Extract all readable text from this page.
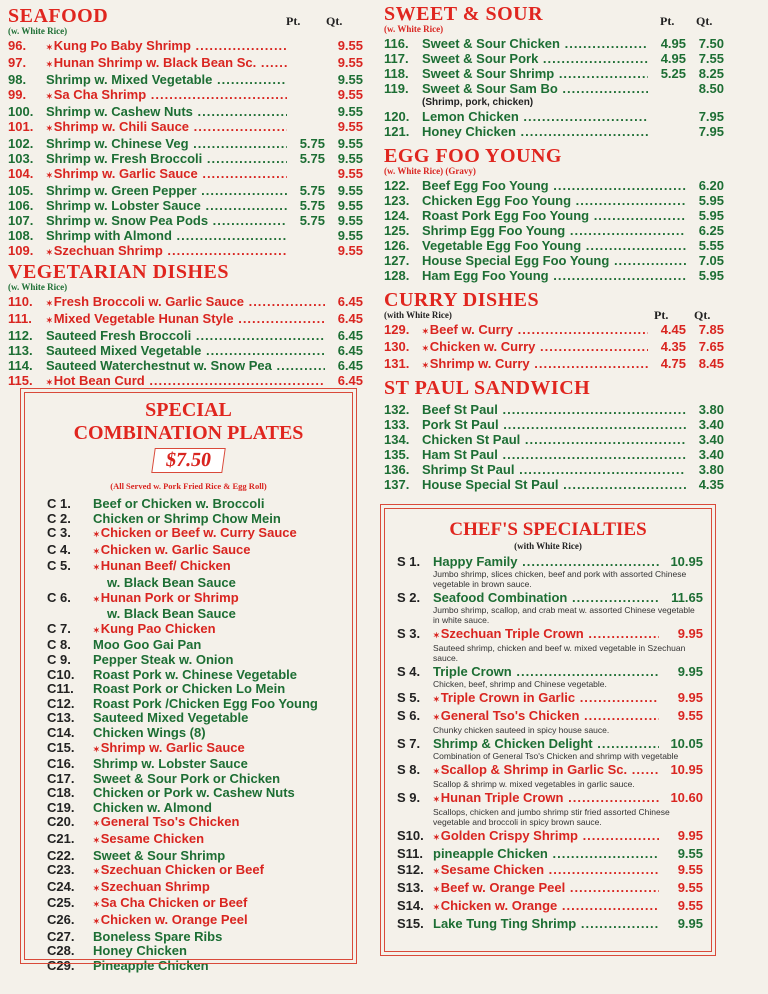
SEAFOOD
(w. White Rice)
Pt. Qt.
96.	✶ Kung Po Baby Shrimp .....	9.55
97.	✶ Hunan Shrimp w. Black Bean Sc. .....	9.55
98.	Shrimp w. Mixed Vegetable .....	9.55
99.	✶ Sa Cha Shrimp .....	9.55
100. Shrimp w. Cashew Nuts .....	9.55
101.	✶ Shrimp w. Chili Sauce .....	9.55
102. Shrimp w. Chinese Veg .....	5.75 9.55
103. Shrimp w. Fresh Broccoli .....	5.75 9.55
104.	✶ Shrimp w. Garlic Sauce .....	9.55
105. Shrimp w. Green Pepper .....	5.75 9.55
106. Shrimp w. Lobster Sauce .....	5.75 9.55
107. Shrimp w. Snow Pea Pods .....	5.75 9.55
108. Shrimp with Almond .....	9.55
109.	✶ Szechuan Shrimp .....	9.55
VEGETARIAN DISHES
(w. White Rice)
110.	✶ Fresh Broccoli w. Garlic Sauce .....	6.45
111.	✶ Mixed Vegetable Hunan Style .....	6.45
112.	Sauteed Fresh Broccoli .....	6.45
113.	Sauteed Mixed Vegetable .....	6.45
114.	Sauteed Waterchestnut w. Snow Pea .....	6.45
115.	✶ Hot Bean Curd .....	6.45
SPECIAL
COMBINATION PLATES
$7.50
(All Served w. Pork Fried Rice & Egg Roll)
C 1.	Beef or Chicken w. Broccoli
C 2.	Chicken or Shrimp Chow Mein
C 3.	✶ Chicken or Beef w. Curry Sauce
C 4.	✶ Chicken w. Garlic Sauce
C 5.	✶ Hunan Beef/ Chicken
w. Black Bean Sauce
C 6.	✶ Hunan Pork or Shrimp
w. Black Bean Sauce
C 7.	✶ Kung Pao Chicken
C 8.	Moo Goo Gai Pan
C 9.	Pepper Steak w. Onion
C10.	Roast Pork w. Chinese Vegetable
C11.	Roast Pork or Chicken Lo Mein
C12.	Roast Pork /Chicken Egg Foo Young
C13.	Sauteed Mixed Vegetable
C14.	Chicken Wings (8)
C15.	✶ Shrimp w. Garlic Sauce
C16.	Shrimp w. Lobster Sauce
C17.	Sweet & Sour Pork or Chicken
C18.	Chicken or Pork w. Cashew Nuts
C19.	Chicken w. Almond
C20.	✶ General Tso's Chicken
C21.	✶ Sesame Chicken
C22.	Sweet & Sour Shrimp
C23.	✶ Szechuan Chicken or Beef
C24.	✶ Szechuan Shrimp
C25.	✶ Sa Cha Chicken or Beef
C26.	✶ Chicken w. Orange Peel
C27.	Boneless Spare Ribs
C28.	Honey Chicken
C29.	Pineapple Chicken
SWEET & SOUR
(w. White Rice)
Pt. Qt.
116.	Sweet & Sour Chicken .....	4.95 7.50
117.	Sweet & Sour Pork .....	4.95 7.55
118.	Sweet & Sour Shrimp .....	5.25 8.25
119.	Sweet & Sour Sam Bo .....	8.50
(Shrimp, pork, chicken)
120. Lemon Chicken .....	7.95
121. Honey Chicken .....	7.95
EGG FOO YOUNG
(w. White Rice) (Gravy)
122. Beef Egg Foo Young .....	6.20
123. Chicken Egg Foo Young .....	5.95
124. Roast Pork Egg Foo Young .....	5.95
125. Shrimp Egg Foo Young .....	6.25
126. Vegetable Egg Foo Young .....	5.55
127. House Special Egg Foo Young .....	7.05
128. Ham Egg Foo Young .....	5.95
CURRY DISHES
(with White Rice)	Pt. Qt.
129.	✶ Beef w. Curry .....	4.45 7.85
130.	✶ Chicken w. Curry .....	4.35 7.65
131.	✶ Shrimp w. Curry .....	4.75 8.45
ST PAUL SANDWICH
132. Beef St Paul .....	3.80
133. Pork St Paul .....	3.40
134. Chicken St Paul .....	3.40
135. Ham St Paul .....	3.40
136. Shrimp St Paul .....	3.80
137. House Special St Paul .....	4.35
CHEF'S SPECIALTIES
(with White Rice)
S 1. Happy Family .....	10.95
Jumbo shrimp, slices chicken, beef and pork with assorted Chinese vegetable in brown sauce.
S 2. Seafood Combination .....	11.65
Jumbo shrimp, scallop, and crab meat w. assorted Chinese vegetable in white sauce.
S 3.	✶ Szechuan Triple Crown .....	9.95
Sauteed shrimp, chicken and beef w. mixed vegetable in Szechuan sauce.
S 4. Triple Crown .....	9.95
Chicken, beef, shrimp and Chinese vegetable.
S 5.	✶ Triple Crown in Garlic .....	9.95
S 6.	✶ General Tso's Chicken .....	9.55
Chunky chicken sauteed in spicy house sauce.
S 7. Shrimp & Chicken Delight .....	10.05
Combination of General Tso's Chicken and shrimp with vegetable
S 8.	✶ Scallop & Shrimp in Garlic Sc. .....	10.95
Scallop & shrimp w. mixed vegetables in garlic sauce.
S 9.	✶ Hunan Triple Crown .....	10.60
Scallops, chicken and jumbo shrimp stir fried assorted Chinese vegetable and broccoli in spicy brown sauce.
S10.	✶ Golden Crispy Shrimp .....	9.95
S11. pineapple Chicken .....	9.55
S12.	✶ Sesame Chicken .....	9.55
S13.	✶ Beef w. Orange Peel .....	9.55
S14.	✶ Chicken w. Orange .....	9.55
S15. Lake Tung Ting Shrimp .....	9.95
